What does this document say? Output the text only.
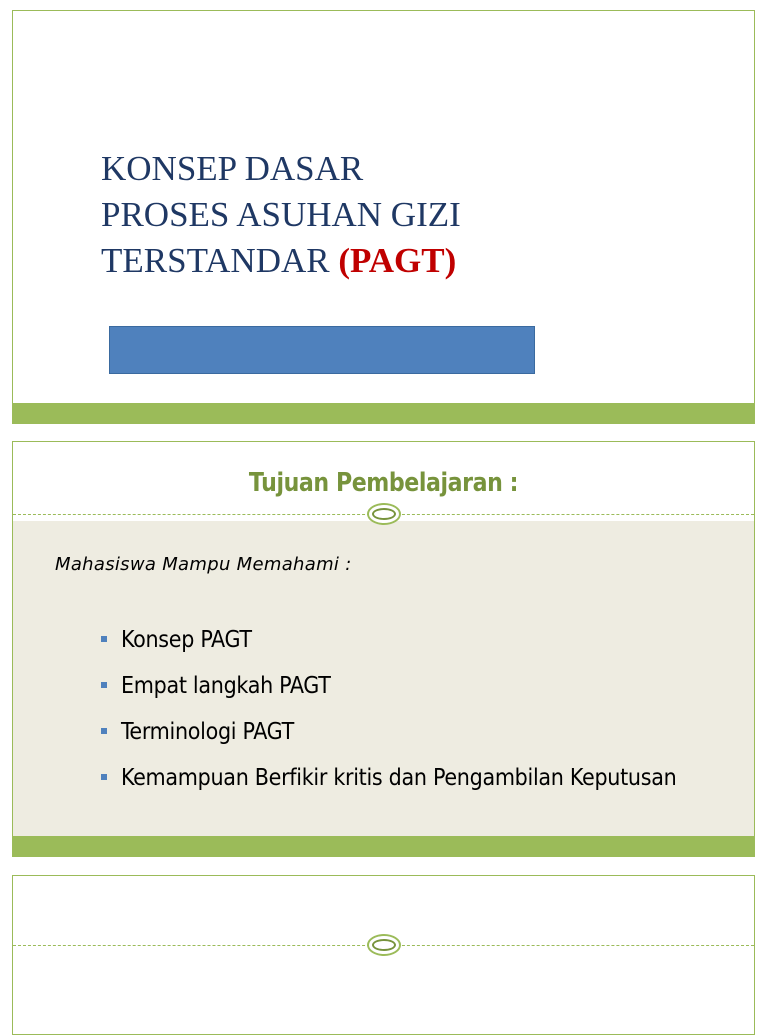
KONSEP DASAR
PROSES ASUHAN GIZI
TERSTANDAR (PAGT)
Tujuan Pembelajaran :
Mahasiswa Mampu Memahami :
Konsep PAGT
Empat langkah PAGT
Terminologi PAGT
Kemampuan Berfikir kritis dan Pengambilan Keputusan
